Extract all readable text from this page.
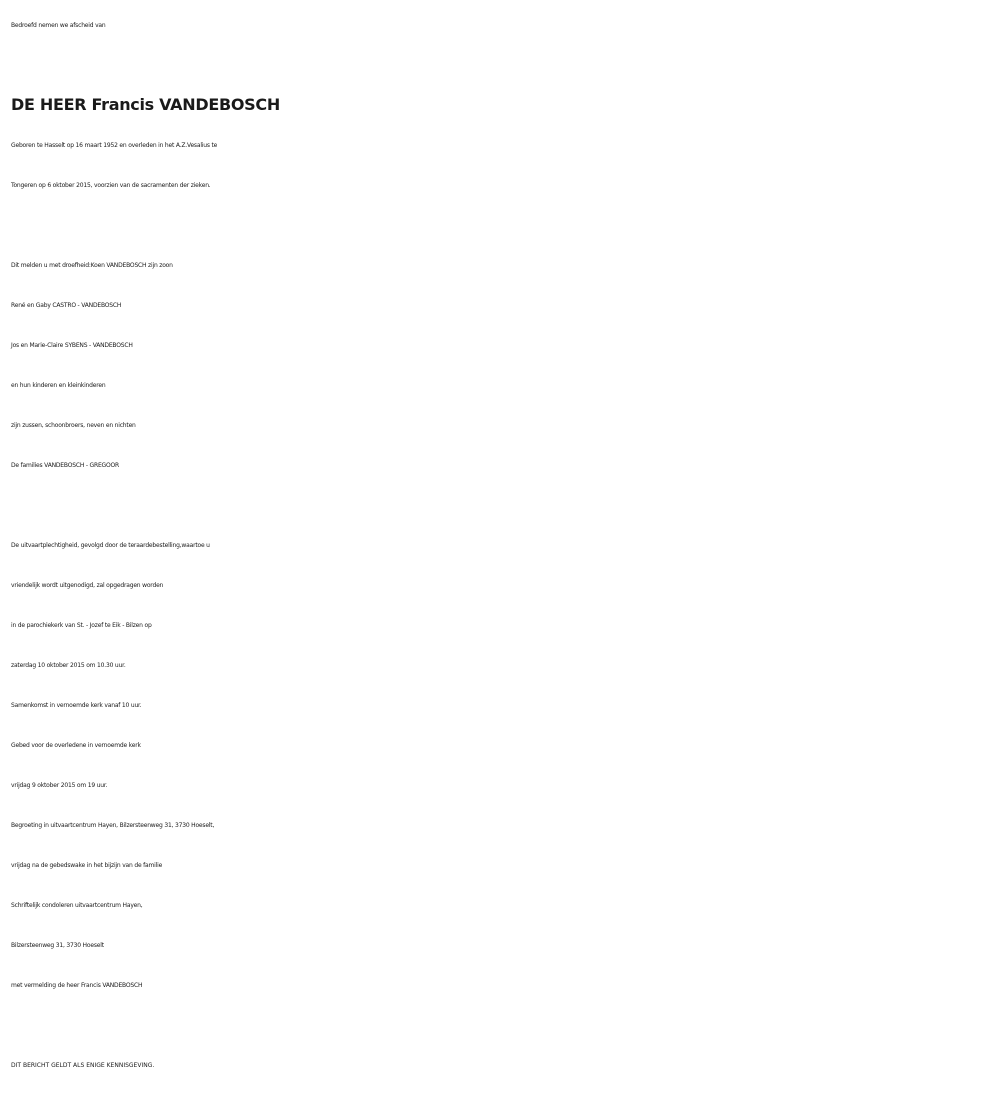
Bedroefd nemen we afscheid van
DE HEER Francis VANDEBOSCH
Geboren te Hasselt op 16 maart 1952 en overleden in het A.Z.Vesalius te
Tongeren op 6 oktober 2015, voorzien van de sacramenten der zieken.
Dit melden u met droefheid:Koen VANDEBOSCH zijn zoon
René en Gaby CASTRO - VANDEBOSCH
Jos en Marie-Claire SYBENS - VANDEBOSCH
en hun kinderen en kleinkinderen
zijn zussen, schoonbroers, neven en nichten
De families VANDEBOSCH - GREGOOR
De uitvaartplechtigheid, gevolgd door de teraardebestelling,waartoe u
vriendelijk wordt uitgenodigd, zal opgedragen worden
in de parochiekerk van St. - Jozef te Eik - Bilzen op
zaterdag 10 oktober 2015 om 10.30 uur.
Samenkomst in vernoemde kerk vanaf 10 uur.
Gebed voor de overledene in vernoemde kerk
vrijdag 9 oktober 2015 om 19 uur.
Begroeting in uitvaartcentrum Hayen, Bilzersteenweg 31, 3730 Hoeselt,
vrijdag na de gebedswake in het bijzijn van de familie
Schriftelijk condoleren uitvaartcentrum Hayen,
Bilzersteenweg 31, 3730 Hoeselt
met vermelding de heer Francis VANDEBOSCH
DIT BERICHT GELDT ALS ENIGE KENNISGEVING.
